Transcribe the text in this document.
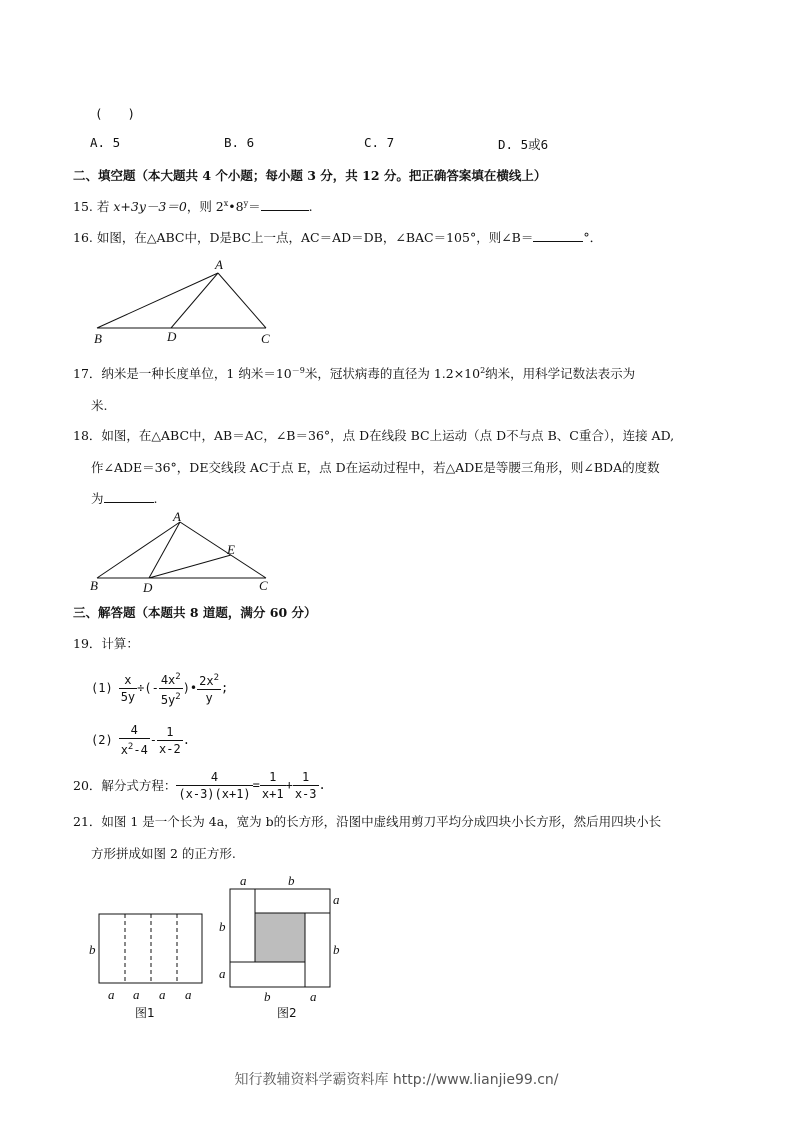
(　　)
A. 5	B. 6	C. 7	D. 5或6
二、填空题（本大题共 4 个小题；每小题 3 分，共 12 分。把正确答案填在横线上）
15. 若 x+3y－3＝0，则 $2^x•8^y=$	.
16. 如图，在△ABC中，D是BC上一点，AC＝AD＝DB，∠BAC＝105°，则∠B＝	°．
A
B	D	C
17．纳米是一种长度单位，1 纳米$=10^{-9}$米，冠状病毒的直径为 $1.2\times 10^2$纳米，用科学记数法表示为
米.
18．如图，在△ABC中，AB＝AC，∠B＝36°，点 D在线段 BC上运动（点 D不与点 B、C重合），连接 AD,
作∠ADE＝36°，DE交线段 AC于点 E，点 D在运动过程中，若△ADE是等腰三角形，则∠BDA的度数
为	.
A
B	D
E
C
三、解答题（本题共 8 道题，满分 60 分）
19．计算：
$(1) \frac{x}{5y}$ ÷(- $\frac{4x^2}{5y^2}$ )• $\frac{2x^2}{y}$ ;
$(2) \frac{4}{x^2-4} - \frac{1}{x-2}$ .
20．解分式方程： $\frac{4}{(x-3)(x+1)} = \frac{1}{x+1} + \frac{1}{x-3}$ .
21．如图 1 是一个长为 4a，宽为 b的长方形，沿图中虚线用剪刀平均分成四块小长方形，然后用四块小长
方形拼成如图 2 的正方形.
b
a a a a
图1
a	b
a
b
b
a
b	a
图2
知行教辅资料学霸资料库 http://www.lianjie99.cn/
